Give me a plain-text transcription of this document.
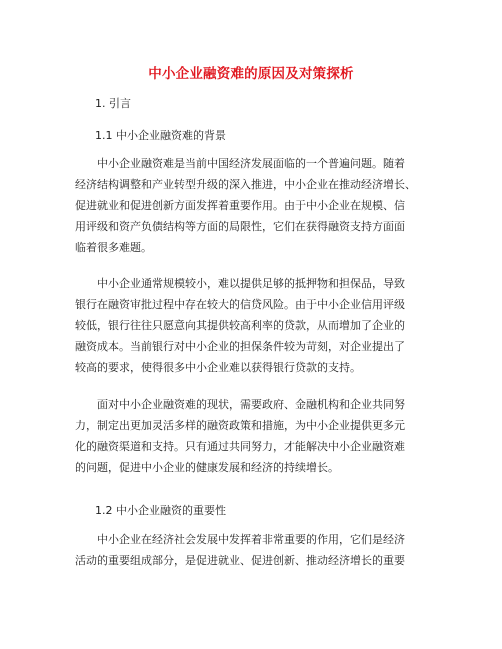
中小企业融资难的原因及对策探析
1. 引言
1.1 中小企业融资难的背景
中小企业融资难是当前中国经济发展面临的一个普遍问题。随着
经济结构调整和产业转型升级的深入推进，中小企业在推动经济增长、
促进就业和促进创新方面发挥着重要作用。由于中小企业在规模、信
用评级和资产负债结构等方面的局限性，它们在获得融资支持方面面
临着很多难题。
中小企业通常规模较小，难以提供足够的抵押物和担保品，导致
银行在融资审批过程中存在较大的信贷风险。由于中小企业信用评级
较低，银行往往只愿意向其提供较高利率的贷款，从而增加了企业的
融资成本。当前银行对中小企业的担保条件较为苛刻，对企业提出了
较高的要求，使得很多中小企业难以获得银行贷款的支持。
面对中小企业融资难的现状，需要政府、金融机构和企业共同努
力，制定出更加灵活多样的融资政策和措施，为中小企业提供更多元
化的融资渠道和支持。只有通过共同努力，才能解决中小企业融资难
的问题，促进中小企业的健康发展和经济的持续增长。
1.2 中小企业融资的重要性
中小企业在经济社会发展中发挥着非常重要的作用，它们是经济
活动的重要组成部分，是促进就业、促进创新、推动经济增长的重要
